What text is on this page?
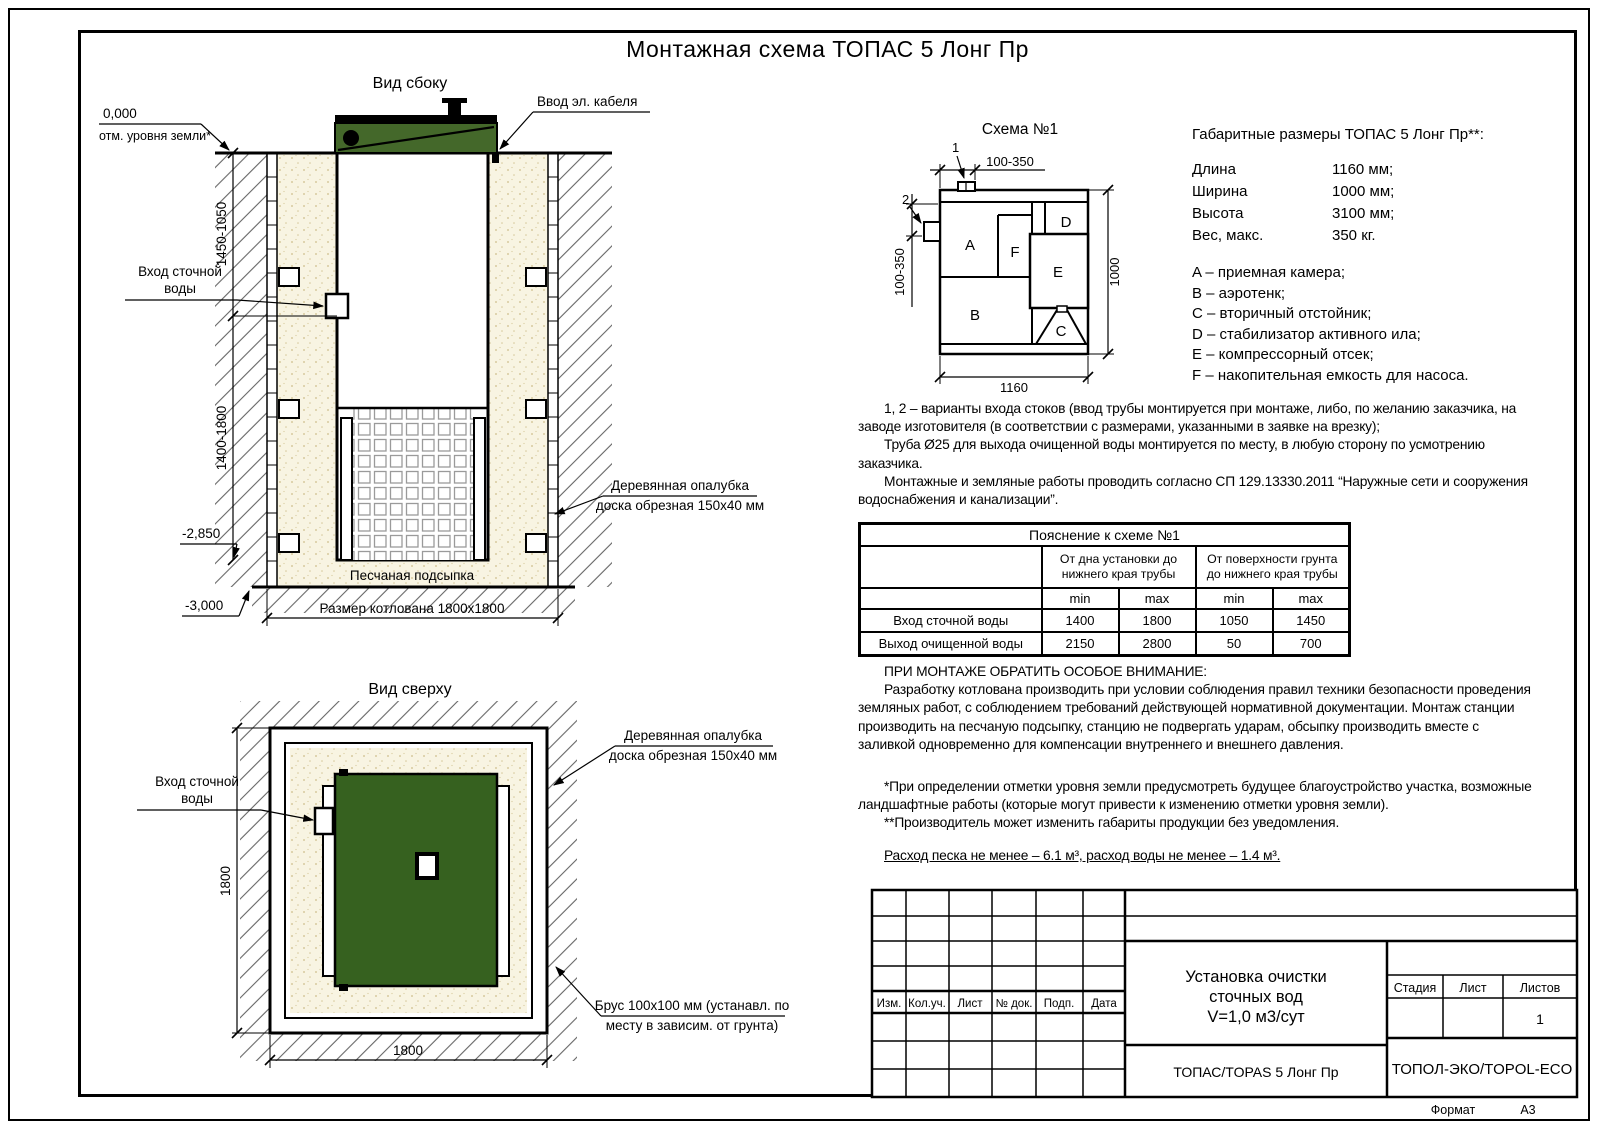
Монтажная схема ТОПАС 5 Лонг Пр
1450-1050
1400-1800
0,000
отм. уровня земли*
Вход сточной
воды
-2,850
-3,000
Ввод эл. кабеля
Деревянная опалубка
доска обрезная 150х40 мм
Песчаная подсыпка
Размер котлована 1800х1800
Вид сбоку
1800
1800
Вход сточной
воды
Деревянная опалубка
доска обрезная 150х40 мм
Брус 100х100 мм (устанавл. по
месту в зависим. от грунта)
Вид сверху
Схема №1
A F
D
E
B
C
100-350
100-350	1000
1160
1
2
Габаритные размеры ТОПАС 5 Лонг Пр**:
Длина	1160 мм;
Ширина	1000 мм;
Высота	3100 мм;
Вес, макс.	350 кг.
A – приемная камера;
B – аэротенк;
C – вторичный отстойник;
D – стабилизатор активного ила;
E – компрессорный отсек;
F – накопительная емкость для насоса.

1, 2 – варианты входа стоков (ввод трубы монтируется при монтаже, либо, по желанию заказчика, на заводе изготовителя (в соответствии с размерами, указанными в заявке на врезку);

Труба Ø25 для выхода очищенной воды монтируется по месту, в любую сторону по усмотрению заказчика.

Монтажные и земляные работы проводить согласно СП 129.13330.2011 “Наружные сети и сооружения водоснабжения и канализации”.

Пояснение к схеме №1				
	От дна установки до нижнего края трубы		От поверхности грунта до нижнего края трубы	
	min	max	min	max
Вход сточной воды	1400	1800	1050	1450
Выход очищенной воды	2150	2800	50	700

ПРИ МОНТАЖЕ ОБРАТИТЬ ОСОБОЕ ВНИМАНИЕ:

Разработку котлована производить при условии соблюдения правил техники безопасности проведения земляных работ, с соблюдением требований действующей нормативной документации. Монтаж станции производить на песчаную подсыпку, станцию не подвергать ударам, обсыпку производить вместе с заливкой одновременно для компенсации внутреннего и внешнего давления.

*При определении отметки уровня земли предусмотреть будущее благоустройство участка, возможные ландшафтные работы (которые могут привести к изменению отметки уровня земли).

**Производитель может изменить габариты продукции без уведомления.

Расход песка не менее – 6.1 м³, расход воды не менее – 1.4 м³.
Изм. Кол.уч. Лист № док. Подп. Дата
Установка очистки
сточных вод
V=1,0 м3/сут
ТОПАС/TOPAS 5 Лонг Пр
Стадия Лист	Листов
1
ТОПОЛ-ЭКО/TOPOL-ECO
Формат	А3
